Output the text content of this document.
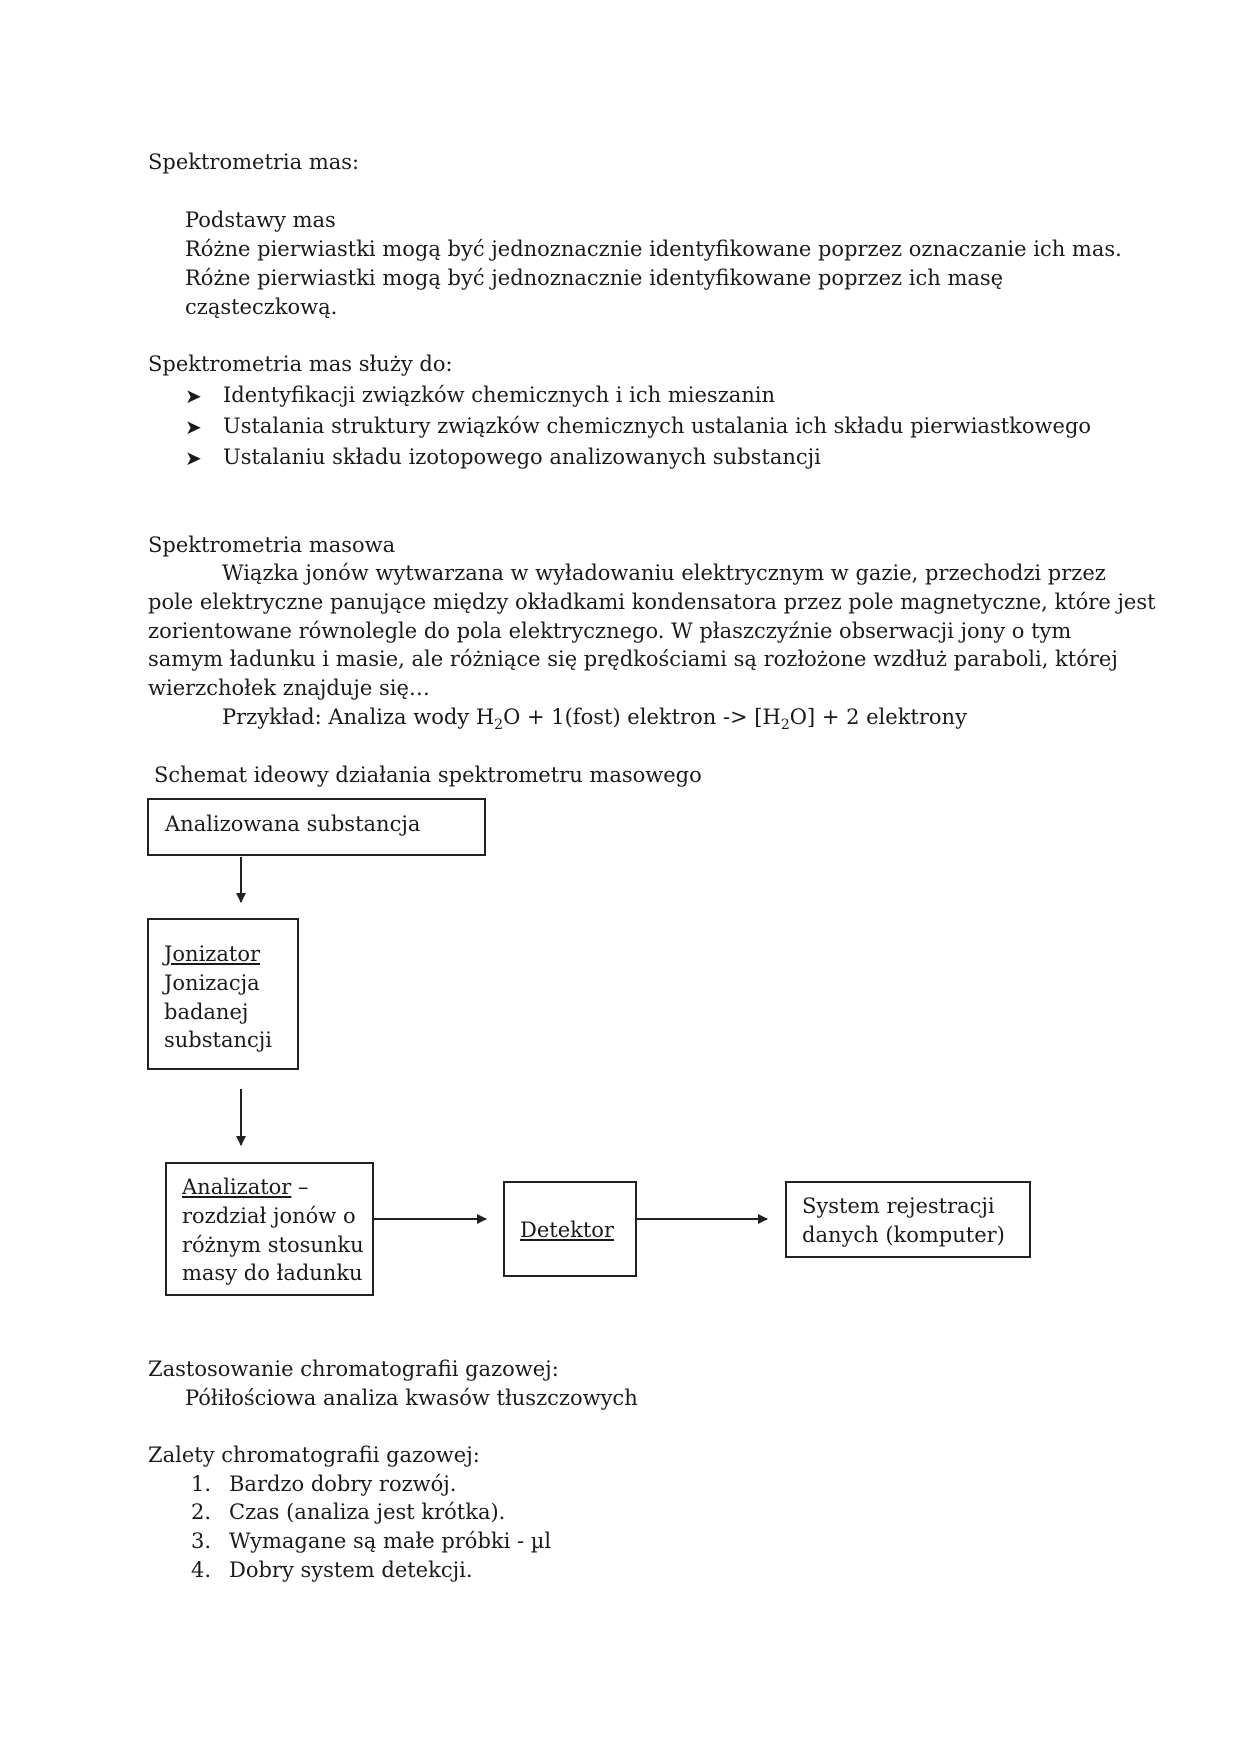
Spektrometria mas:
Podstawy mas
Różne pierwiastki mogą być jednoznacznie identyfikowane poprzez oznaczanie ich mas.
Różne pierwiastki mogą być jednoznacznie identyfikowane poprzez ich masę
cząsteczkową.
Spektrometria mas służy do:
➤ Identyfikacji związków chemicznych i ich mieszanin
➤ Ustalania struktury związków chemicznych ustalania ich składu pierwiastkowego
➤ Ustalaniu składu izotopowego analizowanych substancji
Spektrometria masowa
Wiązka jonów wytwarzana w wyładowaniu elektrycznym w gazie, przechodzi przez
pole elektryczne panujące między okładkami kondensatora przez pole magnetyczne, które jest
zorientowane równolegle do pola elektrycznego. W płaszczyźnie obserwacji jony o tym
samym ładunku i masie, ale różniące się prędkościami są rozłożone wzdłuż paraboli, której
wierzchołek znajduje się…
Przykład: Analiza wody $H_2O$ + 1(fost) elektron -> $[H_2O] + 2$ elektrony
Schemat ideowy działania spektrometru masowego
Analizowana substancja
Jonizator
Jonizacja
badanej
substancji
Analizator –
rozdział jonów o
różnym stosunku
masy do ładunku
Detektor
System rejestracji
danych (komputer)
Zastosowanie chromatografii gazowej:
Półiłościowa analiza kwasów tłuszczowych
Zalety chromatografii gazowej:
1. Bardzo dobry rozwój.
2. Czas (analiza jest krótka).
3. Wymagane są małe próbki - µl
4. Dobry system detekcji.
